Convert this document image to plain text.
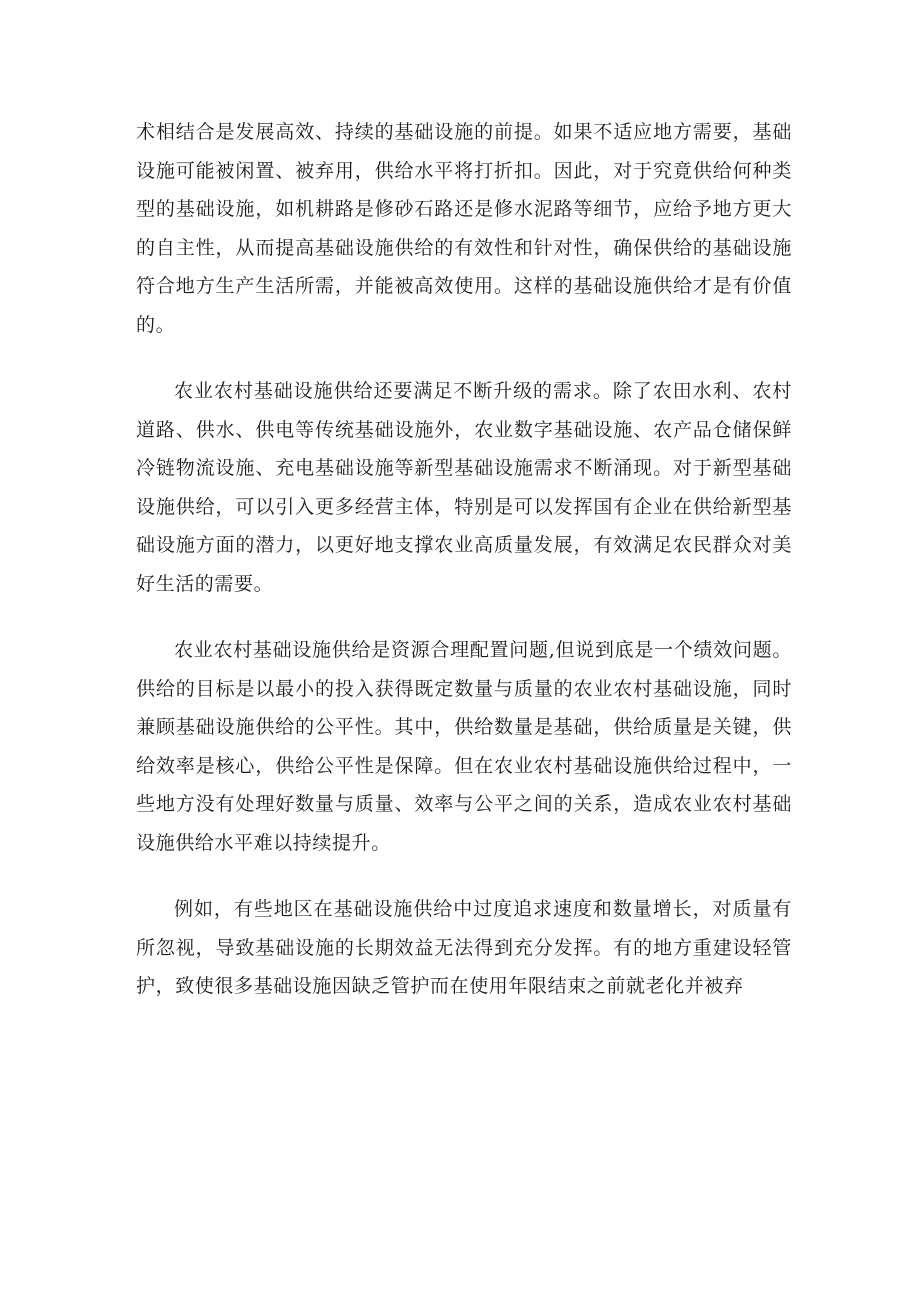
术相结合是发展高效、持续的基础设施的前提。如果不适应地方需要，基础设施可能被闲置、被弃用，供给水平将打折扣。因此，对于究竟供给何种类型的基础设施，如机耕路是修砂石路还是修水泥路等细节，应给予地方更大的自主性，从而提高基础设施供给的有效性和针对性，确保供给的基础设施符合地方生产生活所需，并能被高效使用。这样的基础设施供给才是有价值的。

农业农村基础设施供给还要满足不断升级的需求。除了农田水利、农村道路、供水、供电等传统基础设施外，农业数字基础设施、农产品仓储保鲜冷链物流设施、充电基础设施等新型基础设施需求不断涌现。对于新型基础设施供给，可以引入更多经营主体，特别是可以发挥国有企业在供给新型基础设施方面的潜力，以更好地支撑农业高质量发展，有效满足农民群众对美好生活的需要。

农业农村基础设施供给是资源合理配置问题,但说到底是一个绩效问题。供给的目标是以最小的投入获得既定数量与质量的农业农村基础设施，同时兼顾基础设施供给的公平性。其中，供给数量是基础，供给质量是关键，供给效率是核心，供给公平性是保障。但在农业农村基础设施供给过程中，一些地方没有处理好数量与质量、效率与公平之间的关系，造成农业农村基础设施供给水平难以持续提升。

例如，有些地区在基础设施供给中过度追求速度和数量增长，对质量有所忽视，导致基础设施的长期效益无法得到充分发挥。有的地方重建设轻管护，致使很多基础设施因缺乏管护而在使用年限结束之前就老化并被弃
